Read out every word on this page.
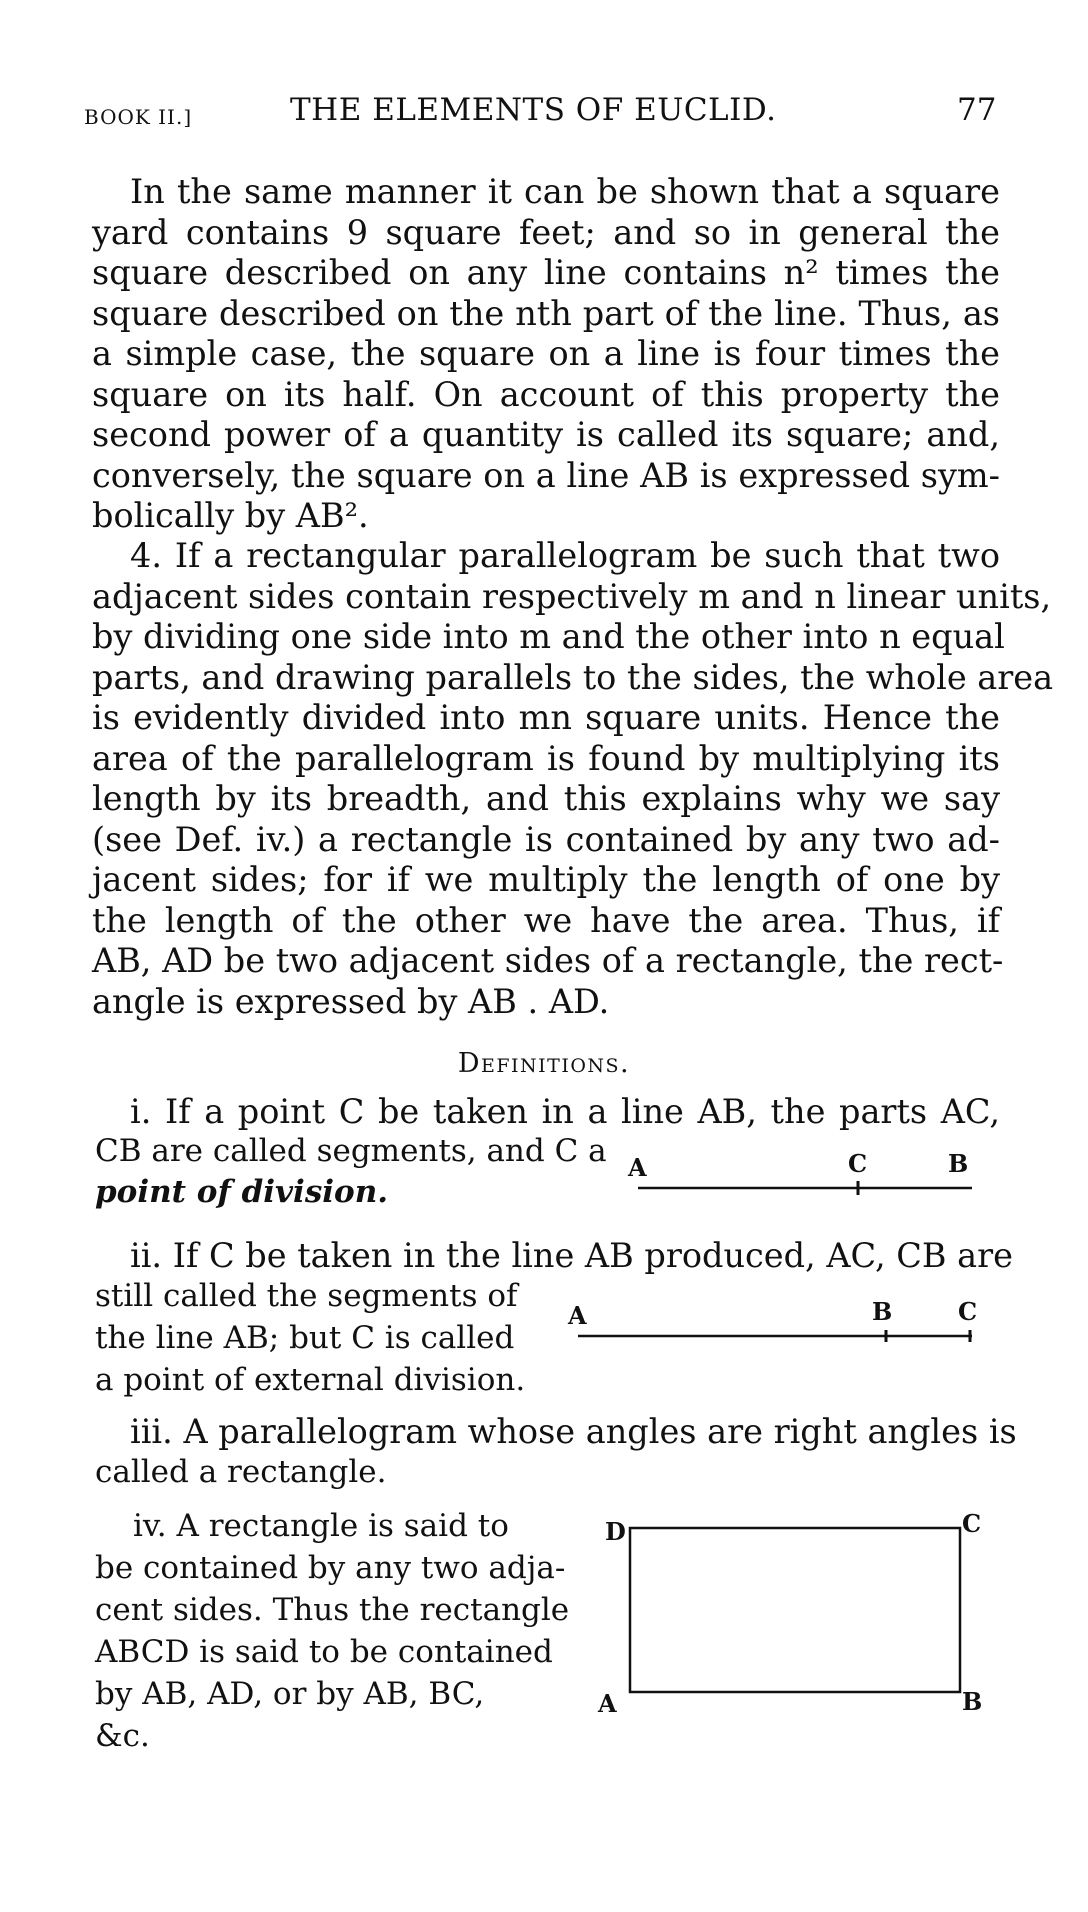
BOOK II.]	THE ELEMENTS OF EUCLID.	77
In the same manner it can be shown that a square
yard contains 9 square feet; and so in general the
square described on any line contains n² times the
square described on the nth part of the line. Thus, as
a simple case, the square on a line is four times the
square on its half. On account of this property the
second power of a quantity is called its square; and,
conversely, the square on a line AB is expressed sym-
bolically by AB².
4. If a rectangular parallelogram be such that two
adjacent sides contain respectively m and n linear units,
by dividing one side into m and the other into n equal
parts, and drawing parallels to the sides, the whole area
is evidently divided into mn square units. Hence the
area of the parallelogram is found by multiplying its
length by its breadth, and this explains why we say
(see Def. iv.) a rectangle is contained by any two ad-
jacent sides; for if we multiply the length of one by
the length of the other we have the area. Thus, if
AB, AD be two adjacent sides of a rectangle, the rect-
angle is expressed by AB . AD.
Definitions.
i. If a point C be taken in a line AB, the parts AC,
CB are called segments, and C a
point of division.
ii. If C be taken in the line AB produced, AC, CB are
still called the segments of
the line AB; but C is called
a point of external division.
iii. A parallelogram whose angles are right angles is
called a rectangle.
iv. A rectangle is said to
be contained by any two adja-
cent sides. Thus the rectangle
ABCD is said to be contained
by AB, AD, or by AB, BC,
&c.
A	C	B
A	B	C
D	C
A	B
